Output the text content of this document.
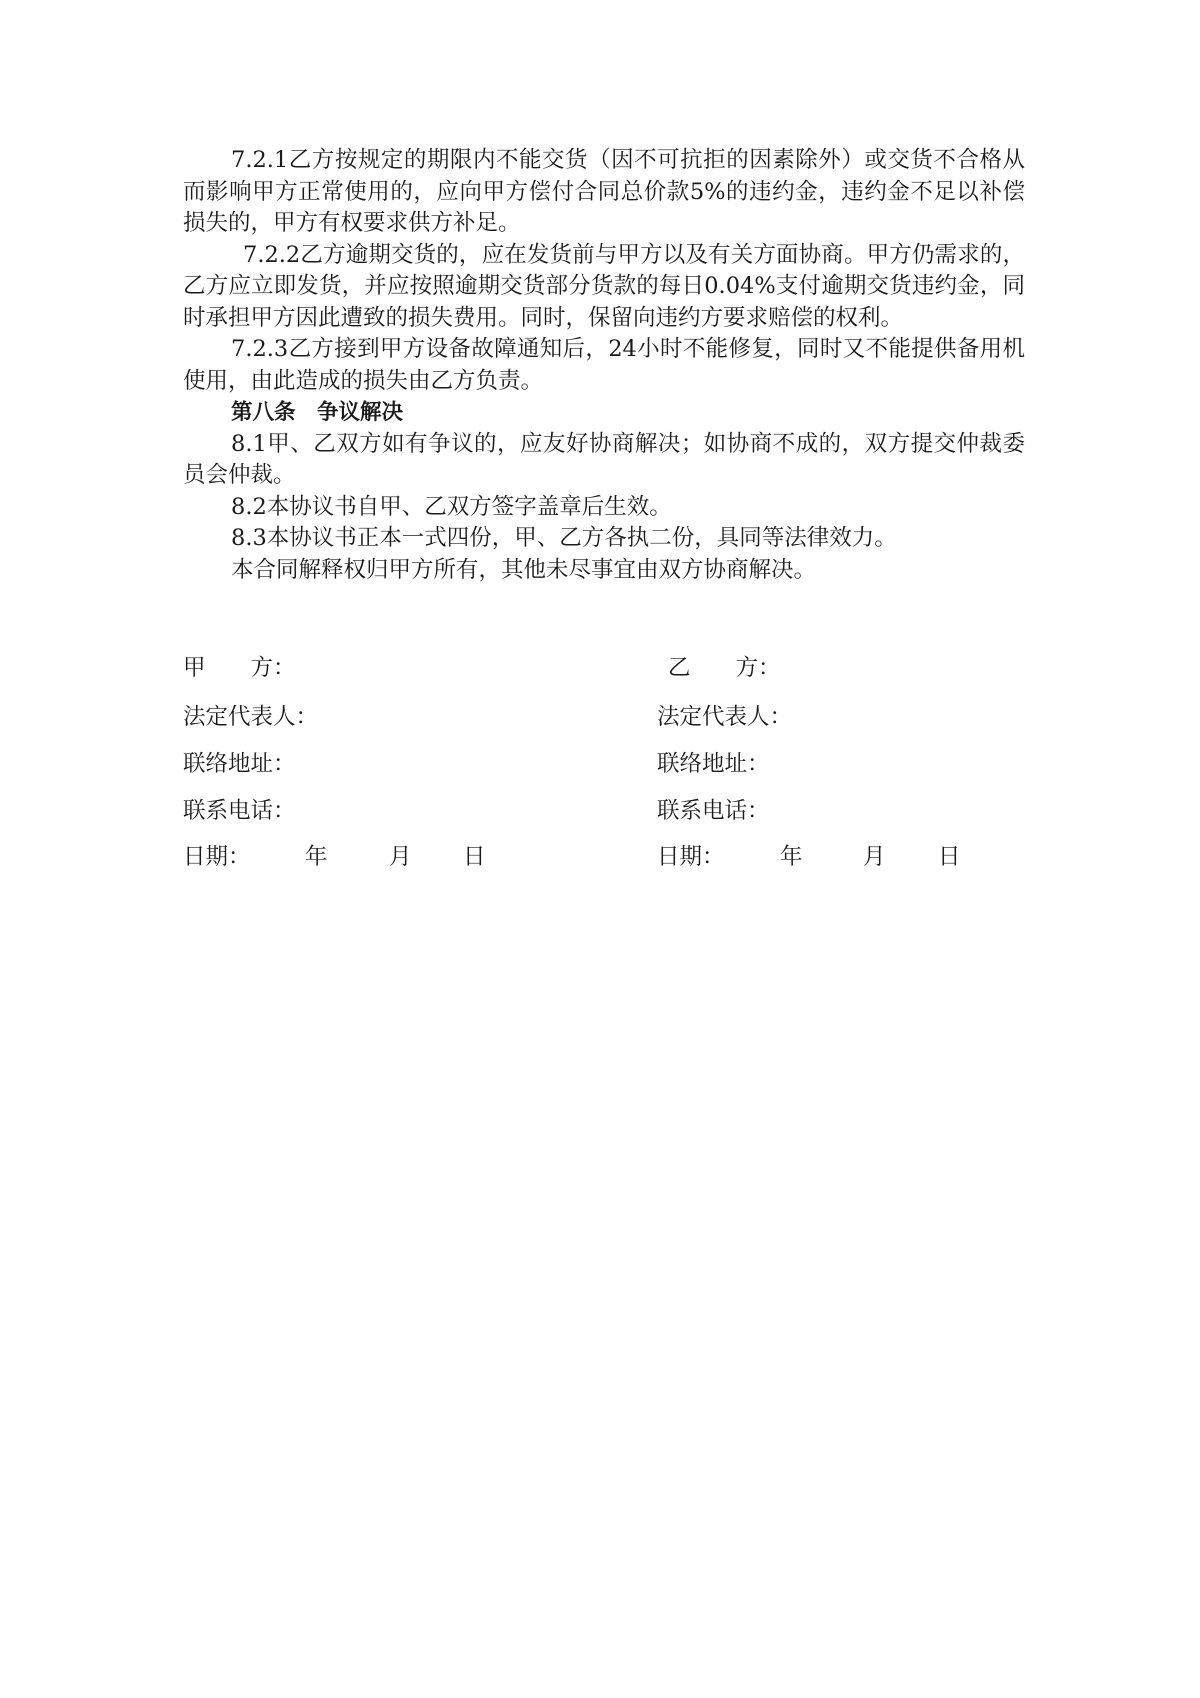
7.2.1乙方按规定的期限内不能交货（因不可抗拒的因素除外）或交货不合格从而影响甲方正常使用的，应向甲方偿付合同总价款5%的违约金，违约金不足以补偿损失的，甲方有权要求供方补足。

7.2.2乙方逾期交货的，应在发货前与甲方以及有关方面协商。甲方仍需求的，乙方应立即发货，并应按照逾期交货部分货款的每日0.04%支付逾期交货违约金，同时承担甲方因此遭致的损失费用。同时，保留向违约方要求赔偿的权利。

7.2.3乙方接到甲方设备故障通知后，24小时不能修复，同时又不能提供备用机使用，由此造成的损失由乙方负责。

第八条　争议解决

8.1甲、乙双方如有争议的，应友好协商解决；如协商不成的，双方提交仲裁委员会仲裁。

8.2本协议书自甲、乙双方签字盖章后生效。

8.3本协议书正本一式四份，甲、乙方各执二份，具同等法律效力。

本合同解释权归甲方所有，其他未尽事宜由双方协商解决。

甲　　方：
法定代表人：
联络地址：
联系电话：
日期： 年	月 日
乙　　方：
法定代表人：
联络地址：
联系电话：
日期： 年	月 日
